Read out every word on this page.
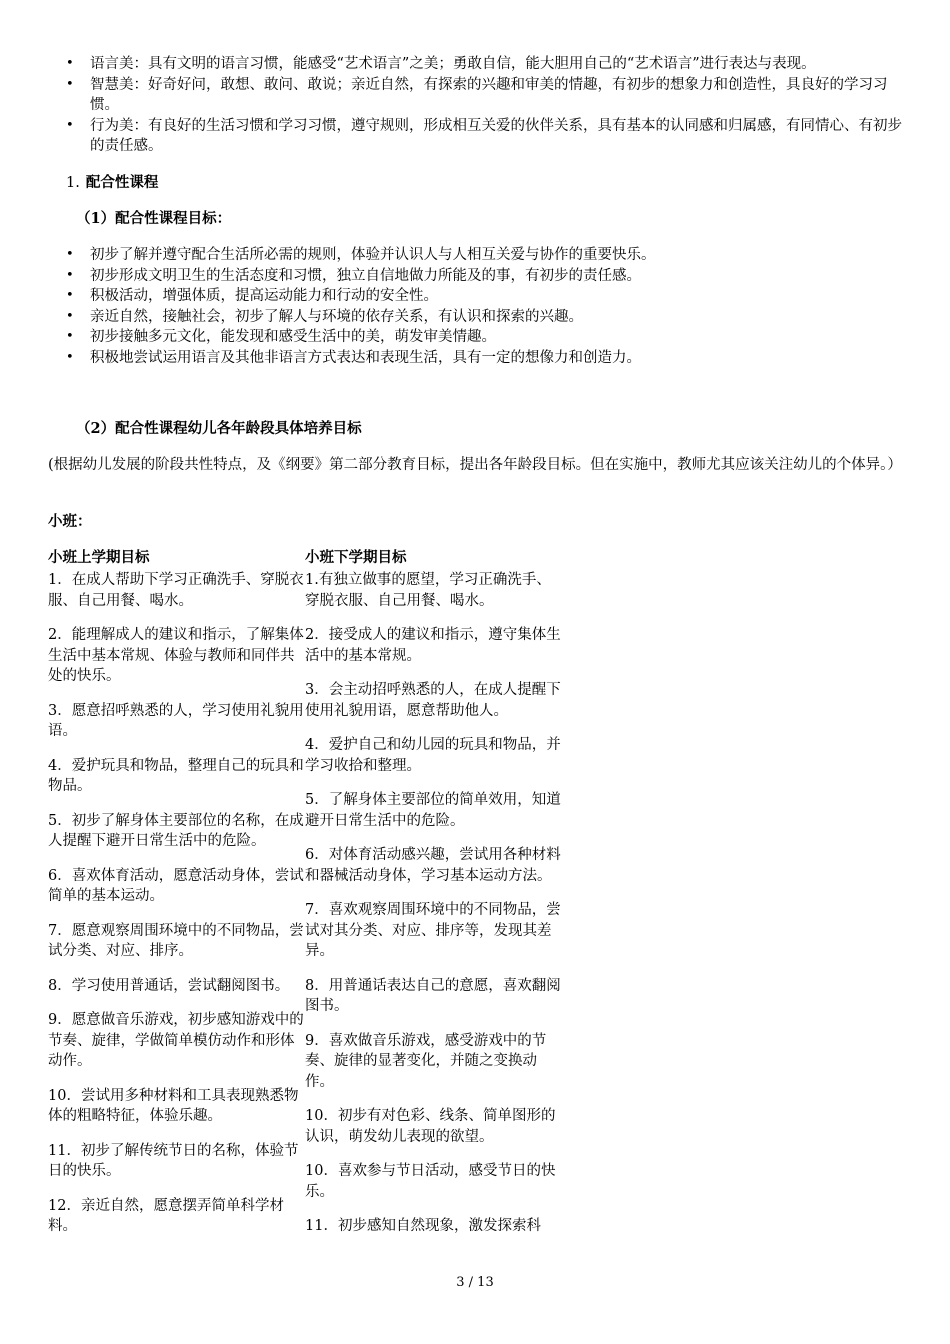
• 语言美：具有文明的语言习惯，能感受“艺术语言”之美；勇敢自信，能大胆用自己的“艺术语言”进行表达与表现。
• 智慧美：好奇好问，敢想、敢问、敢说；亲近自然，有探索的兴趣和审美的情趣，有初步的想象力和创造性，具良好的学习习惯。
• 行为美：有良好的生活习惯和学习习惯，遵守规则，形成相互关爱的伙伴关系，具有基本的认同感和归属感，有同情心、有初步的责任感。
1. 配合性课程
（1）配合性课程目标：
• 初步了解并遵守配合生活所必需的规则，体验并认识人与人相互关爱与协作的重要快乐。
• 初步形成文明卫生的生活态度和习惯，独立自信地做力所能及的事，有初步的责任感。
• 积极活动，增强体质，提高运动能力和行动的安全性。
• 亲近自然，接触社会，初步了解人与环境的依存关系，有认识和探索的兴趣。
• 初步接触多元文化，能发现和感受生活中的美，萌发审美情趣。
• 积极地尝试运用语言及其他非语言方式表达和表现生活，具有一定的想像力和创造力。
（2）配合性课程幼儿各年龄段具体培养目标
(根据幼儿发展的阶段共性特点，及《纲要》第二部分教育目标，提出各年龄段目标。但在实施中，教师尤其应该关注幼儿的个体异。）
小班：
小班上学期目标
1．在成人帮助下学习正确洗手、穿脱衣服、自己用餐、喝水。
2．能理解成人的建议和指示，了解集体生活中基本常规、体验与教师和同伴共处的快乐。
3．愿意招呼熟悉的人，学习使用礼貌用语。
4．爱护玩具和物品，整理自己的玩具和物品。
5．初步了解身体主要部位的名称，在成人提醒下避开日常生活中的危险。
6．喜欢体育活动，愿意活动身体，尝试简单的基本运动。
7．愿意观察周围环境中的不同物品，尝试分类、对应、排序。
8．学习使用普通话，尝试翻阅图书。
9．愿意做音乐游戏，初步感知游戏中的节奏、旋律，学做简单模仿动作和形体动作。
10．尝试用多种材料和工具表现熟悉物体的粗略特征，体验乐趣。
11．初步了解传统节日的名称，体验节日的快乐。
12．亲近自然，愿意摆弄简单科学材料。
小班下学期目标
1.有独立做事的愿望，学习正确洗手、穿脱衣服、自己用餐、喝水。
2．接受成人的建议和指示，遵守集体生活中的基本常规。
3．会主动招呼熟悉的人，在成人提醒下使用礼貌用语，愿意帮助他人。
4．爱护自己和幼儿园的玩具和物品，并学习收拾和整理。
5．了解身体主要部位的简单效用，知道避开日常生活中的危险。
6．对体育活动感兴趣，尝试用各种材料和器械活动身体，学习基本运动方法。
7．喜欢观察周围环境中的不同物品，尝试对其分类、对应、排序等，发现其差异。
8．用普通话表达自己的意愿，喜欢翻阅图书。
9．喜欢做音乐游戏，感受游戏中的节奏、旋律的显著变化，并随之变换动作。
10．初步有对色彩、线条、简单图形的认识，萌发幼儿表现的欲望。
10．喜欢参与节日活动，感受节日的快乐。
11．初步感知自然现象，激发探索科
3 / 13
